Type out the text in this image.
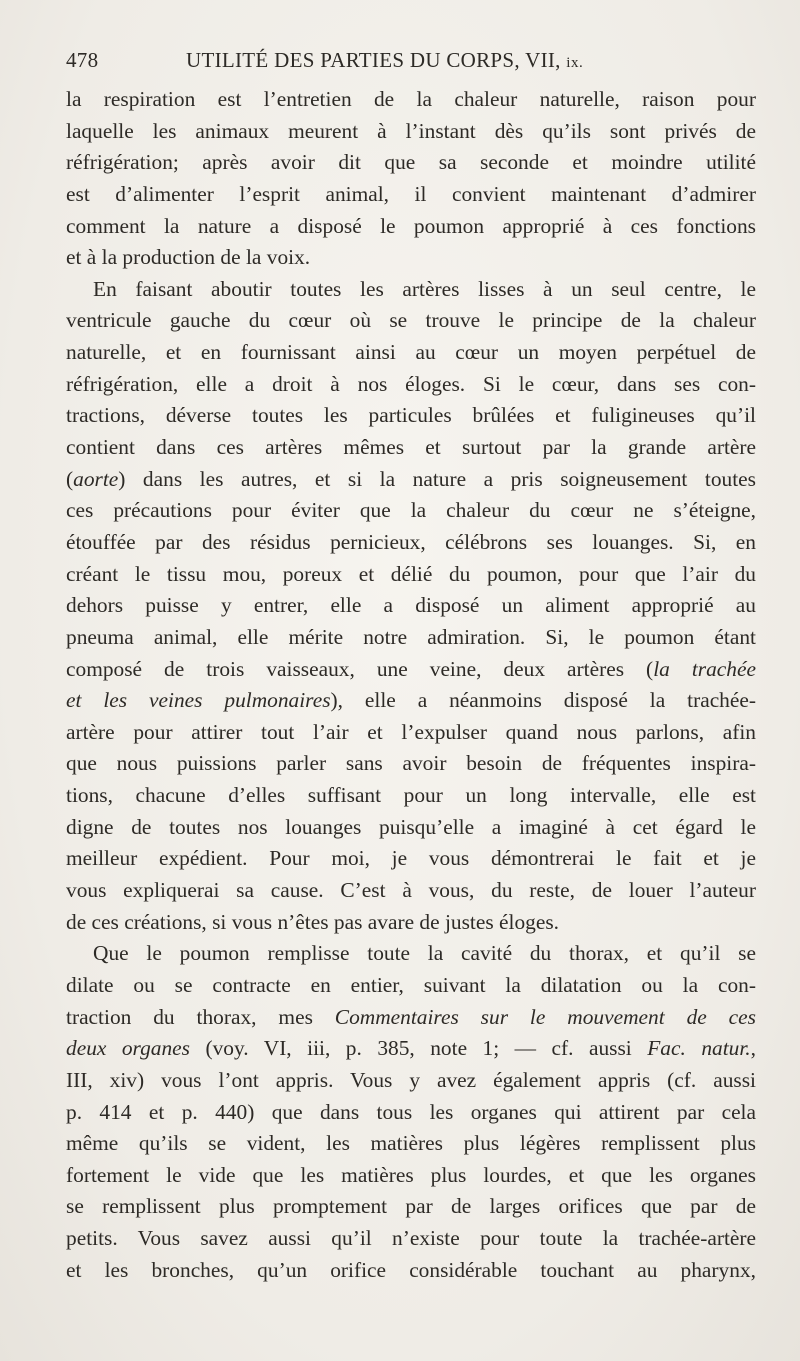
478	UTILITÉ DES PARTIES DU CORPS, VII, ix.
la respiration est l’entretien de la chaleur naturelle, raison pour
laquelle les animaux meurent à l’instant dès qu’ils sont privés de
réfrigération; après avoir dit que sa seconde et moindre utilité
est d’alimenter l’esprit animal, il convient maintenant d’admirer
comment la nature a disposé le poumon approprié à ces fonctions
et à la production de la voix.
En faisant aboutir toutes les artères lisses à un seul centre, le
ventricule gauche du cœur où se trouve le principe de la chaleur
naturelle, et en fournissant ainsi au cœur un moyen perpétuel de
réfrigération, elle a droit à nos éloges. Si le cœur, dans ses con-
tractions, déverse toutes les particules brûlées et fuligineuses qu’il
contient dans ces artères mêmes et surtout par la grande artère
(aorte) dans les autres, et si la nature a pris soigneusement toutes
ces précautions pour éviter que la chaleur du cœur ne s’éteigne,
étouffée par des résidus pernicieux, célébrons ses louanges. Si, en
créant le tissu mou, poreux et délié du poumon, pour que l’air du
dehors puisse y entrer, elle a disposé un aliment approprié au
pneuma animal, elle mérite notre admiration. Si, le poumon étant
composé de trois vaisseaux, une veine, deux artères (la trachée
et les veines pulmonaires), elle a néanmoins disposé la trachée-
artère pour attirer tout l’air et l’expulser quand nous parlons, afin
que nous puissions parler sans avoir besoin de fréquentes inspira-
tions, chacune d’elles suffisant pour un long intervalle, elle est
digne de toutes nos louanges puisqu’elle a imaginé à cet égard le
meilleur expédient. Pour moi, je vous démontrerai le fait et je
vous expliquerai sa cause. C’est à vous, du reste, de louer l’auteur
de ces créations, si vous n’êtes pas avare de justes éloges.
Que le poumon remplisse toute la cavité du thorax, et qu’il se
dilate ou se contracte en entier, suivant la dilatation ou la con-
traction du thorax, mes Commentaires sur le mouvement de ces
deux organes (voy. VI, iii, p. 385, note 1; — cf. aussi Fac. natur.,
III, xiv) vous l’ont appris. Vous y avez également appris (cf. aussi
p. 414 et p. 440) que dans tous les organes qui attirent par cela
même qu’ils se vident, les matières plus légères remplissent plus
fortement le vide que les matières plus lourdes, et que les organes
se remplissent plus promptement par de larges orifices que par de
petits. Vous savez aussi qu’il n’existe pour toute la trachée-artère
et les bronches, qu’un orifice considérable touchant au pharynx,
